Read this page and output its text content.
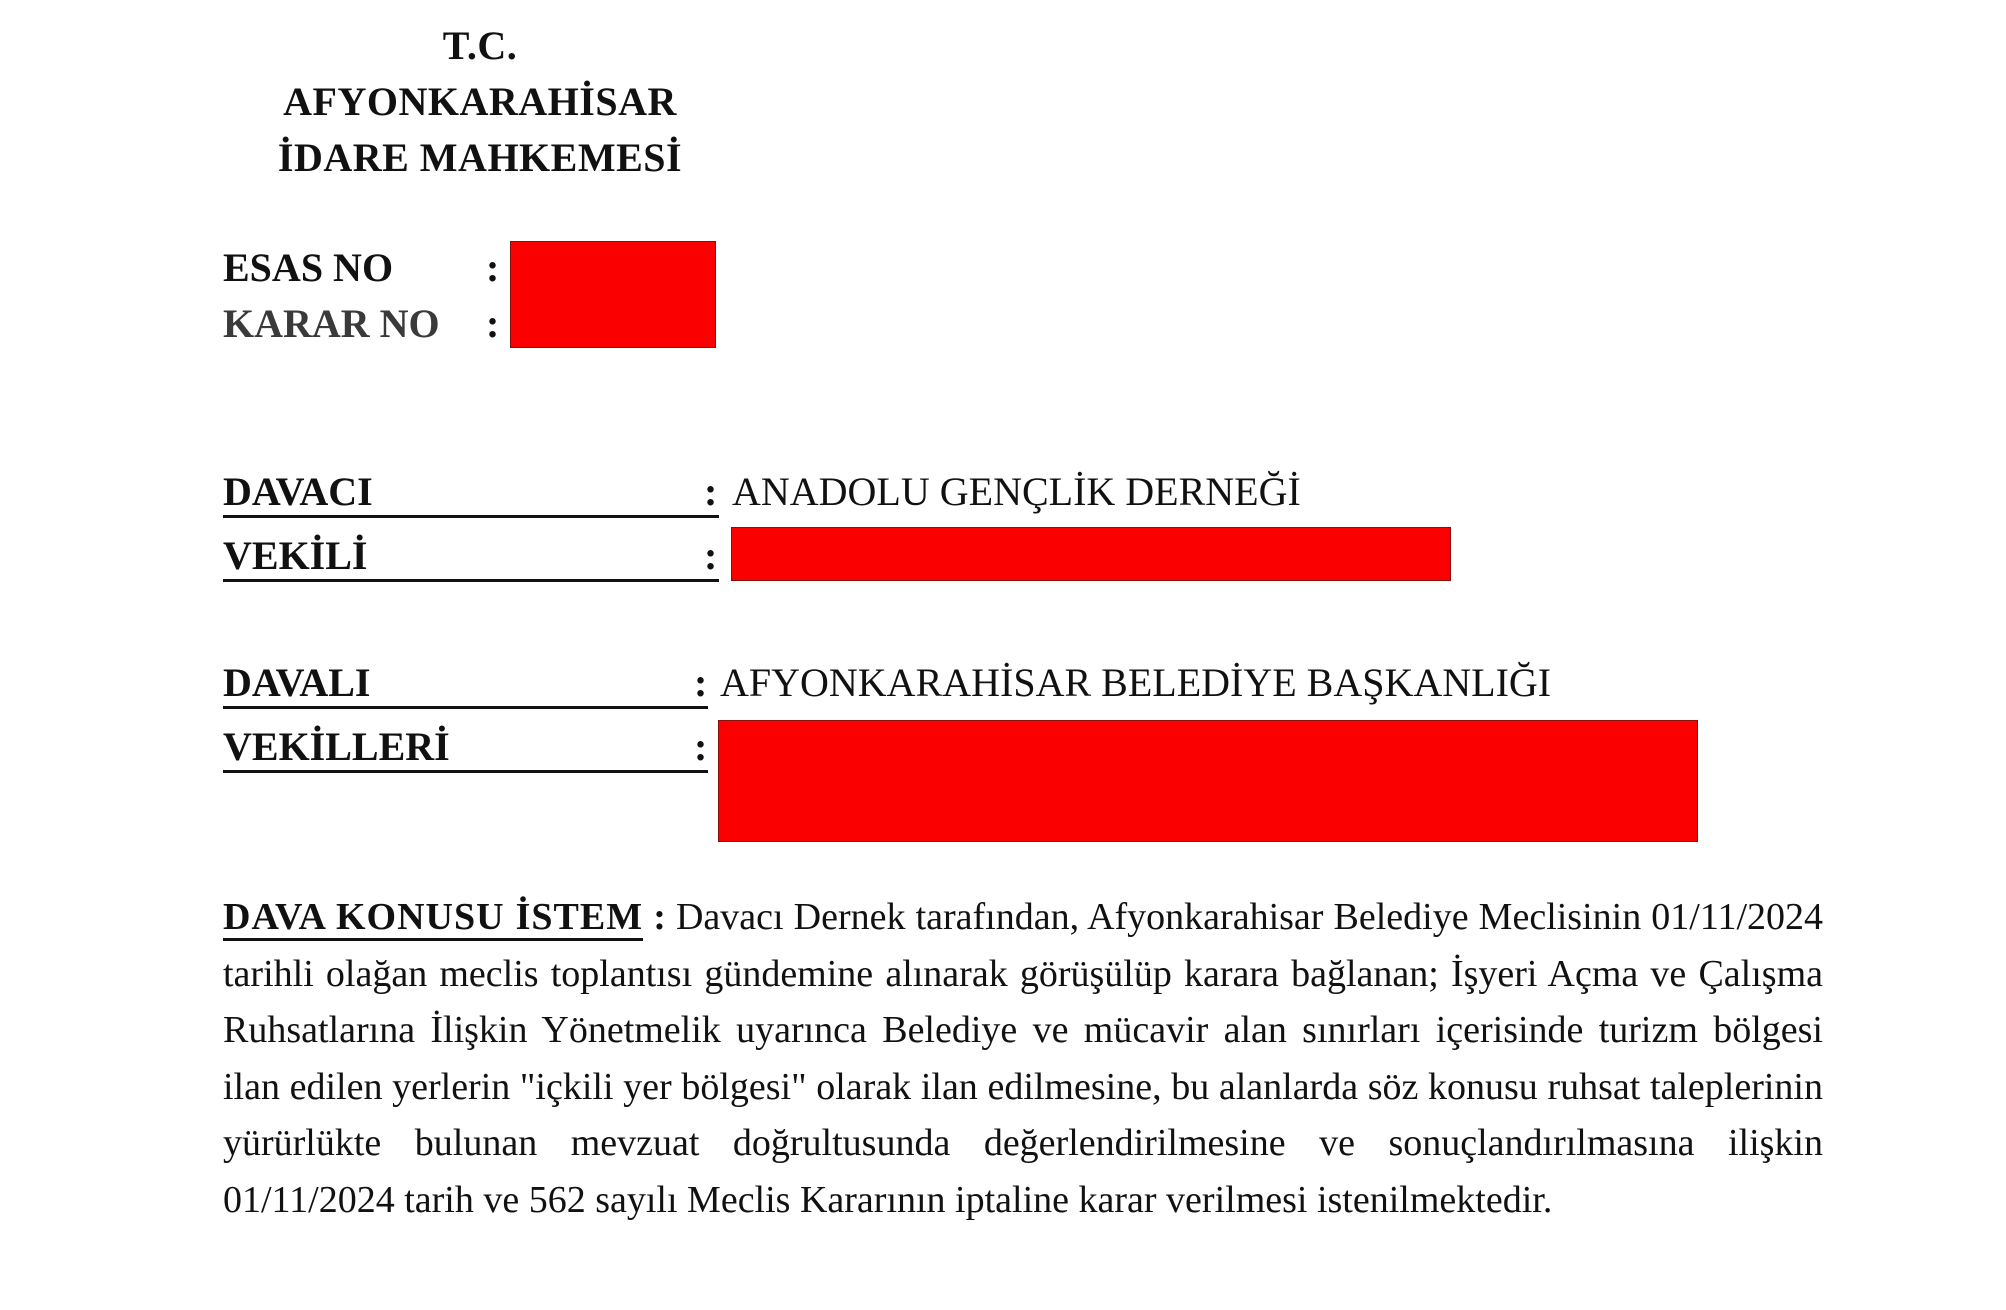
T.C.
AFYONKARAHİSAR
İDARE MAHKEMESİ
ESAS NO :
KARAR NO :
DAVACI	: ANADOLU GENÇLİK DERNEĞİ
VEKİLİ	:
DAVALI	: AFYONKARAHİSAR BELEDİYE BAŞKANLIĞI
VEKİLLERİ	:
DAVA KONUSU İSTEM : Davacı Dernek tarafından, Afyonkarahisar Belediye Meclisinin 01/11/2024 tarihli olağan meclis toplantısı gündemine alınarak görüşülüp karara bağlanan; İşyeri Açma ve Çalışma Ruhsatlarına İlişkin Yönetmelik uyarınca Belediye ve mücavir alan sınırları içerisinde turizm bölgesi ilan edilen yerlerin "içkili yer bölgesi" olarak ilan edilmesine, bu alanlarda söz konusu ruhsat taleplerinin yürürlükte bulunan mevzuat doğrultusunda değerlendirilmesine ve sonuçlandırılmasına ilişkin 01/11/2024 tarih ve 562 sayılı Meclis Kararının iptaline karar verilmesi istenilmektedir.
